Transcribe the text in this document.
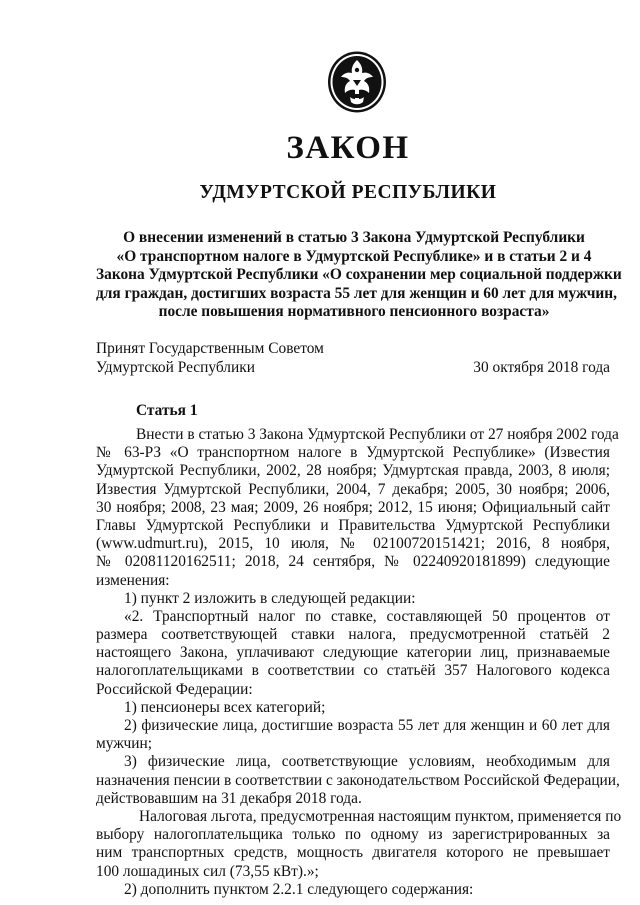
ЗАКОН
УДМУРТСКОЙ РЕСПУБЛИКИ
О внесении изменений в статью 3 Закона Удмуртской Республики
«О транспортном налоге в Удмуртской Республике» и в статьи 2 и 4
Закона Удмуртской Республики «О сохранении мер социальной поддержки
для граждан, достигших возраста 55 лет для женщин и 60 лет для мужчин,
после повышения нормативного пенсионного возраста»
Принят Государственным Советом
Удмуртской Республики	30 октября 2018 года
Статья 1
Внести в статью 3 Закона Удмуртской Республики от 27 ноября 2002 года
№ 63-РЗ «О транспортном налоге в Удмуртской Республике» (Известия
Удмуртской Республики, 2002, 28 ноября; Удмуртская правда, 2003, 8 июля;
Известия Удмуртской Республики, 2004, 7 декабря; 2005, 30 ноября; 2006,
30 ноября; 2008, 23 мая; 2009, 26 ноября; 2012, 15 июня; Официальный сайт
Главы Удмуртской Республики и Правительства Удмуртской Республики
(www.udmurt.ru), 2015, 10 июля, № 02100720151421; 2016, 8 ноября,
№ 02081120162511; 2018, 24 сентября, № 02240920181899) следующие
изменения:
1) пункт 2 изложить в следующей редакции:
«2. Транспортный налог по ставке, составляющей 50 процентов от
размера соответствующей ставки налога, предусмотренной статьёй 2
настоящего Закона, уплачивают следующие категории лиц, признаваемые
налогоплательщиками в соответствии со статьёй 357 Налогового кодекса
Российской Федерации:
1) пенсионеры всех категорий;
2) физические лица, достигшие возраста 55 лет для женщин и 60 лет для
мужчин;
3) физические лица, соответствующие условиям, необходимым для
назначения пенсии в соответствии с законодательством Российской Федерации,
действовавшим на 31 декабря 2018 года.
Налоговая льгота, предусмотренная настоящим пунктом, применяется по
выбору налогоплательщика только по одному из зарегистрированных за
ним транспортных средств, мощность двигателя которого не превышает
100 лошадиных сил (73,55 кВт).»;
2) дополнить пунктом 2.2.1 следующего содержания:
